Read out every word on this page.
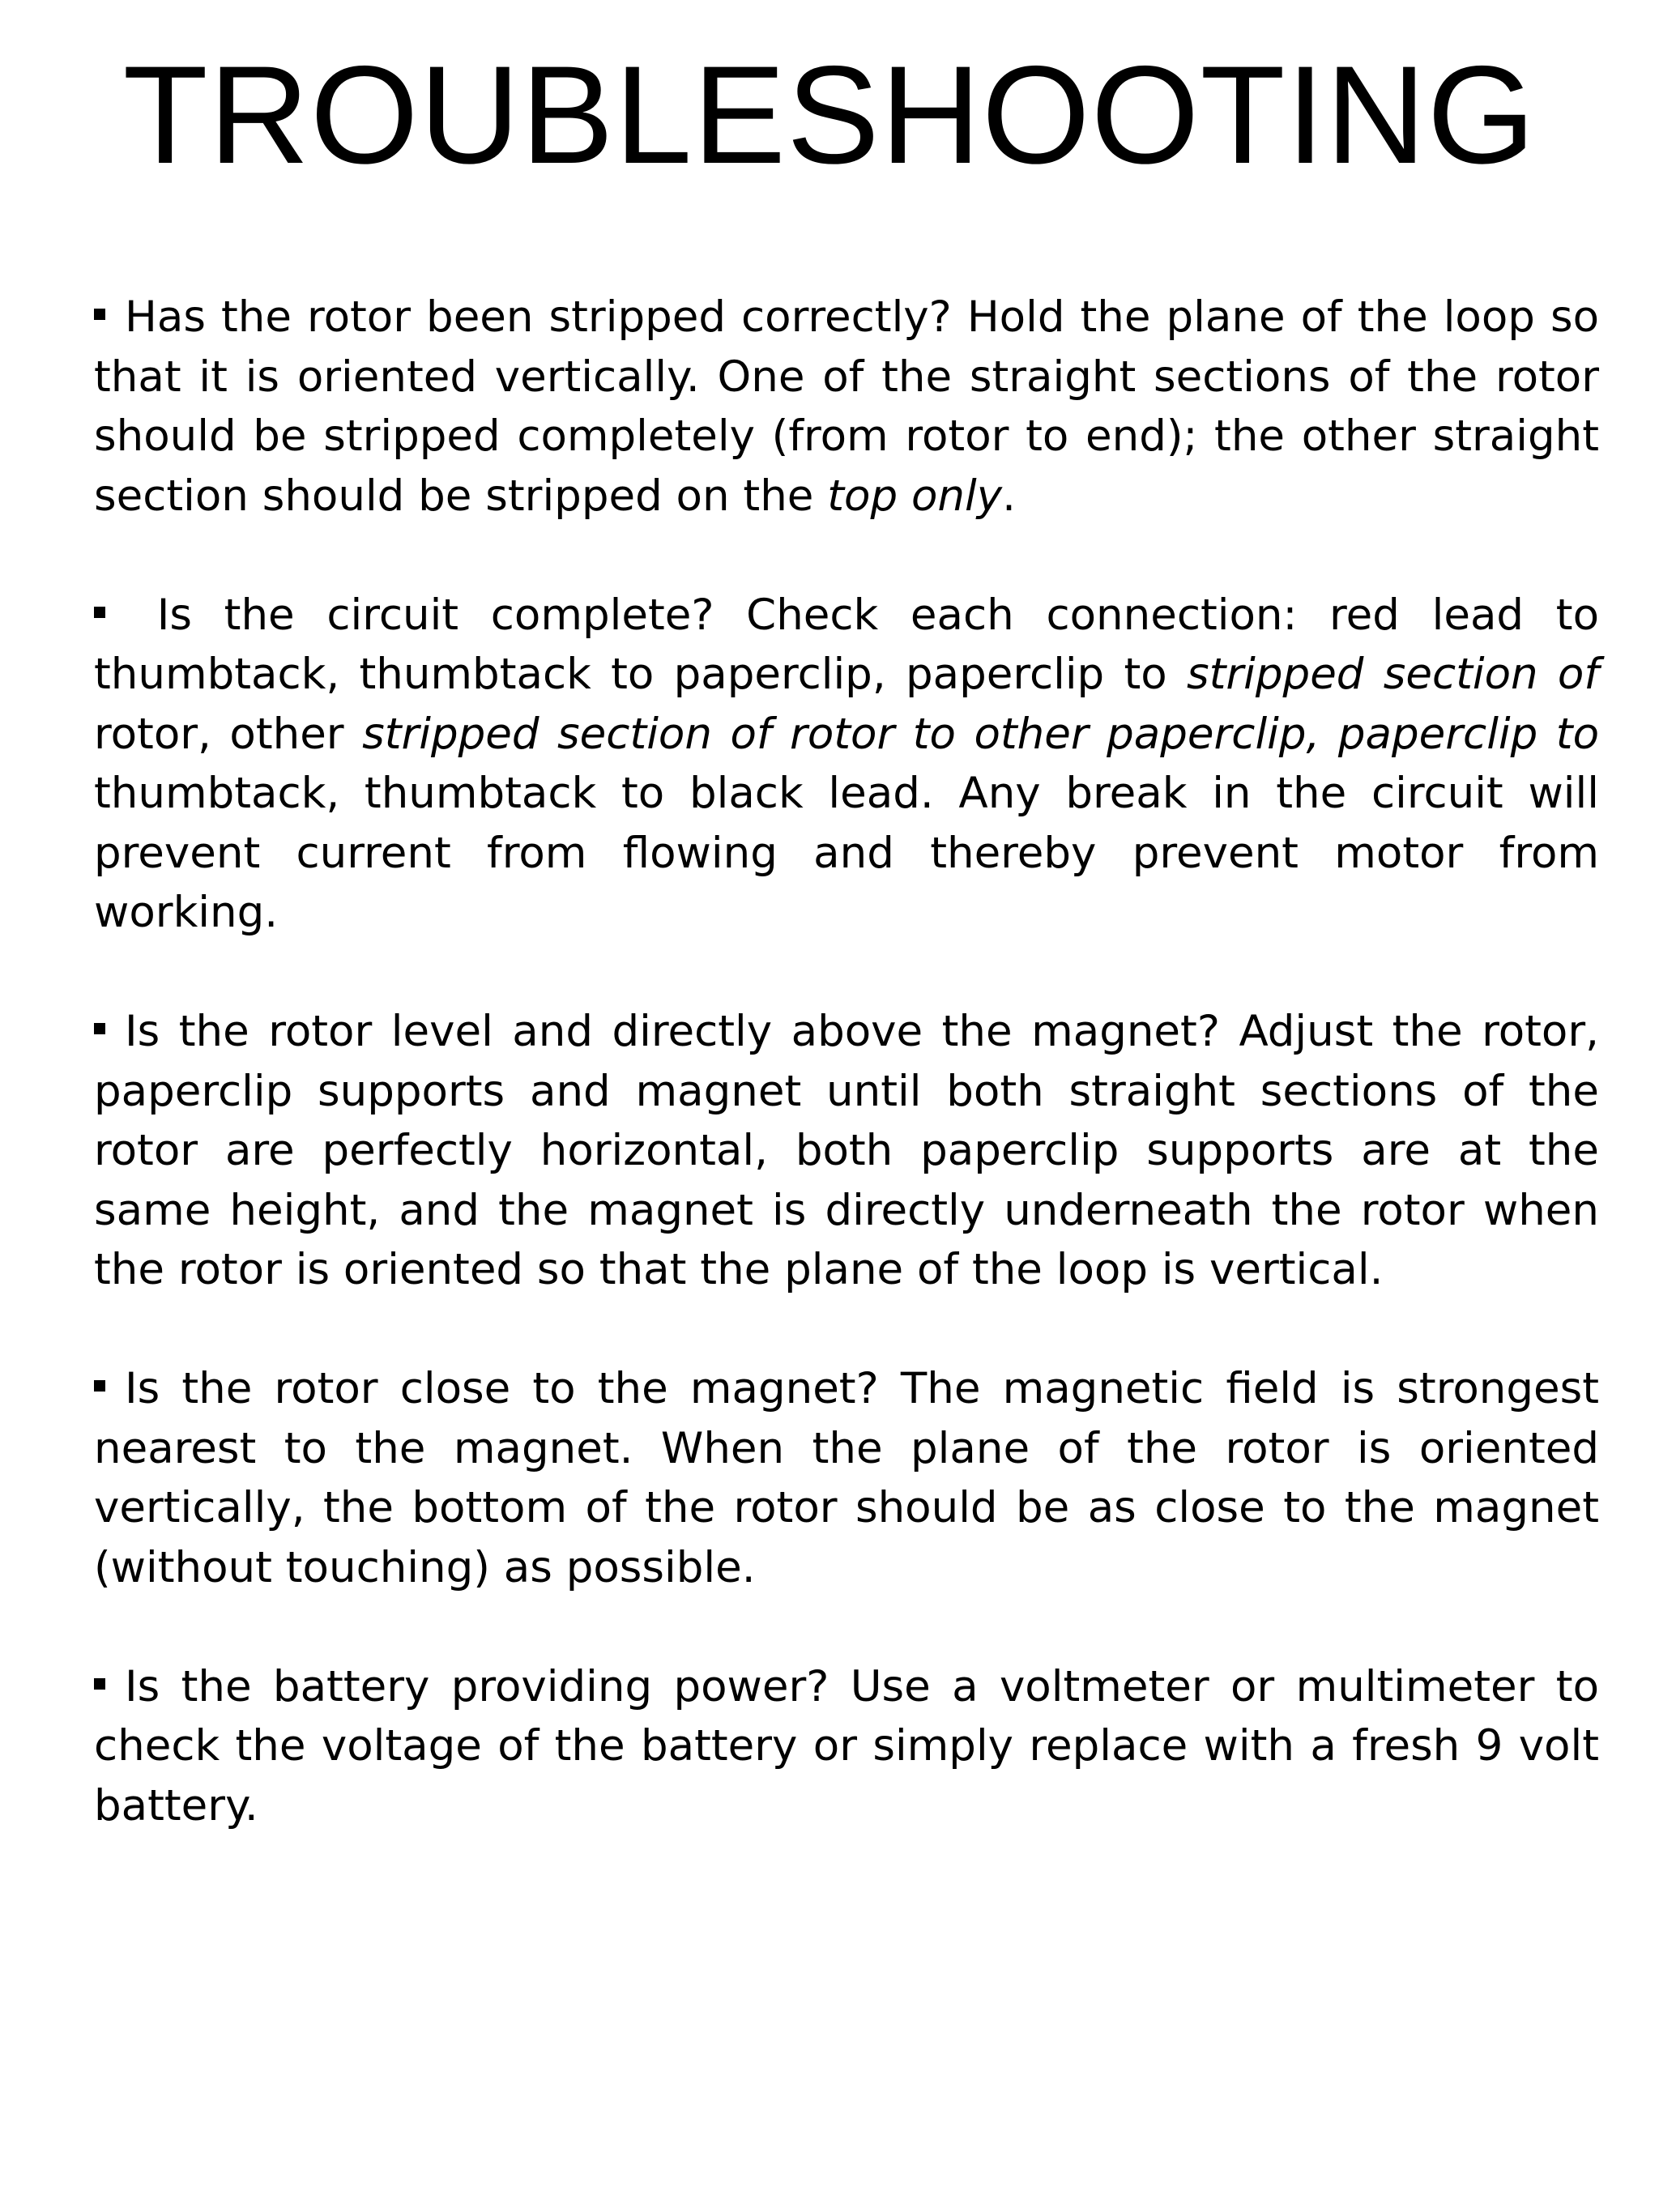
TROUBLESHOOTING

Has the rotor been stripped correctly? Hold the plane of the loop so that it is oriented vertically. One of the straight sections of the rotor should be stripped completely (from rotor to end); the other straight section should be stripped on the top only.

Is the circuit complete? Check each connection: red lead to thumbtack, thumbtack to paperclip, paperclip to stripped section of rotor, other stripped section of rotor to other paperclip, paperclip to thumbtack, thumbtack to black lead. Any break in the circuit will prevent current from flowing and thereby prevent motor from working.

Is the rotor level and directly above the magnet? Adjust the rotor, paperclip supports and magnet until both straight sections of the rotor are perfectly horizontal, both paperclip supports are at the same height, and the magnet is directly underneath the rotor when the rotor is oriented so that the plane of the loop is vertical.

Is the rotor close to the magnet? The magnetic field is strongest nearest to the magnet. When the plane of the rotor is oriented vertically, the bottom of the rotor should be as close to the magnet (without touching) as possible.

Is the battery providing power? Use a voltmeter or multimeter to check the voltage of the battery or simply replace with a fresh 9 volt battery.
